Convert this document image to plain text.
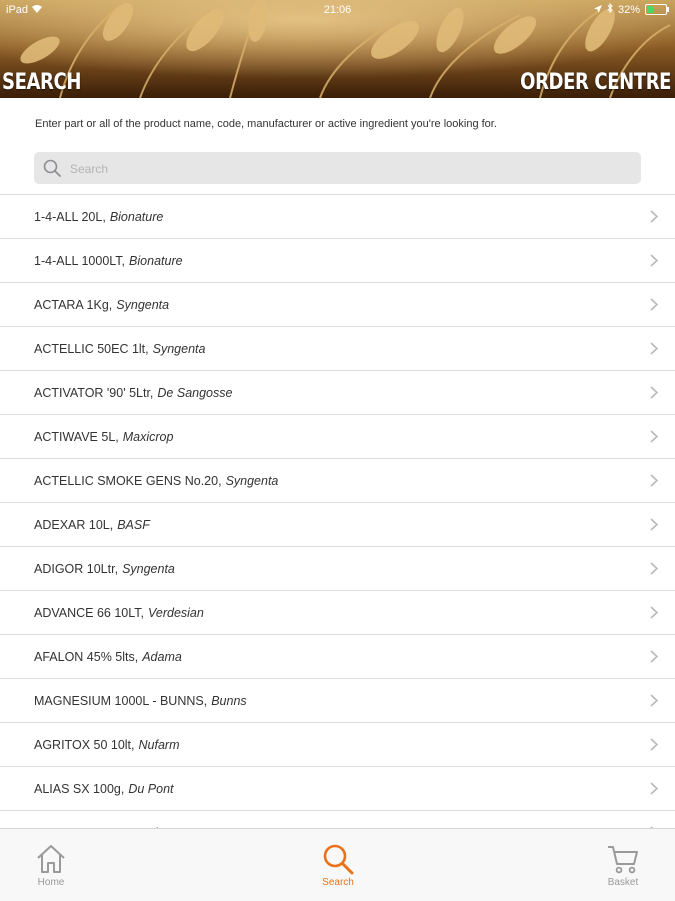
iPad	21:06	32%
SEARCH	ORDER CENTRE
Enter part or all of the product name, code, manufacturer or active ingredient you're looking for.
Search
1-4-ALL 20L, Bionature
1-4-ALL 1000LT, Bionature
ACTARA 1Kg, Syngenta
ACTELLIC 50EC 1lt, Syngenta
ACTIVATOR '90' 5Ltr, De Sangosse
ACTIWAVE 5L, Maxicrop
ACTELLIC SMOKE GENS No.20, Syngenta
ADEXAR 10L, BASF
ADIGOR 10Ltr, Syngenta
ADVANCE 66 10LT, Verdesian
AFALON 45% 5lts, Adama
MAGNESIUM 1000L - BUNNS, Bunns
AGRITOX 50 10lt, Nufarm
ALIAS SX 100g, Du Pont
Home	Search	Basket
